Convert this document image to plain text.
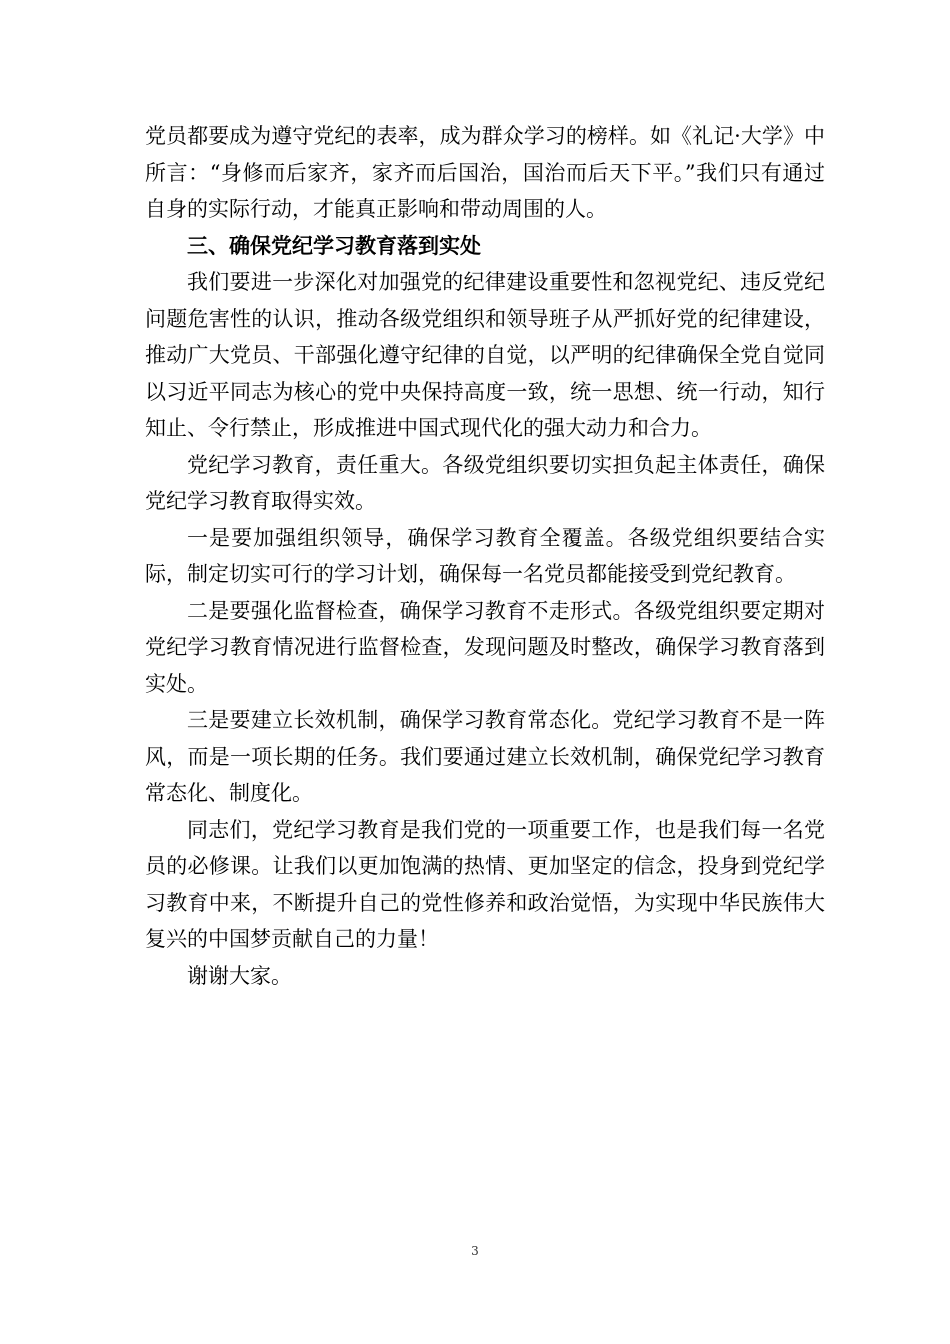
党员都要成为遵守党纪的表率，成为群众学习的榜样。如《礼记·大学》中所言：“身修而后家齐，家齐而后国治，国治而后天下平。”我们只有通过自身的实际行动，才能真正影响和带动周围的人。

三、确保党纪学习教育落到实处

我们要进一步深化对加强党的纪律建设重要性和忽视党纪、违反党纪问题危害性的认识，推动各级党组织和领导班子从严抓好党的纪律建设，推动广大党员、干部强化遵守纪律的自觉，以严明的纪律确保全党自觉同以习近平同志为核心的党中央保持高度一致，统一思想、统一行动，知行知止、令行禁止，形成推进中国式现代化的强大动力和合力。

党纪学习教育，责任重大。各级党组织要切实担负起主体责任，确保党纪学习教育取得实效。

一是要加强组织领导，确保学习教育全覆盖。各级党组织要结合实际，制定切实可行的学习计划，确保每一名党员都能接受到党纪教育。

二是要强化监督检查，确保学习教育不走形式。各级党组织要定期对党纪学习教育情况进行监督检查，发现问题及时整改，确保学习教育落到实处。

三是要建立长效机制，确保学习教育常态化。党纪学习教育不是一阵风，而是一项长期的任务。我们要通过建立长效机制，确保党纪学习教育常态化、制度化。

同志们，党纪学习教育是我们党的一项重要工作，也是我们每一名党员的必修课。让我们以更加饱满的热情、更加坚定的信念，投身到党纪学习教育中来，不断提升自己的党性修养和政治觉悟，为实现中华民族伟大复兴的中国梦贡献自己的力量！

谢谢大家。

3
